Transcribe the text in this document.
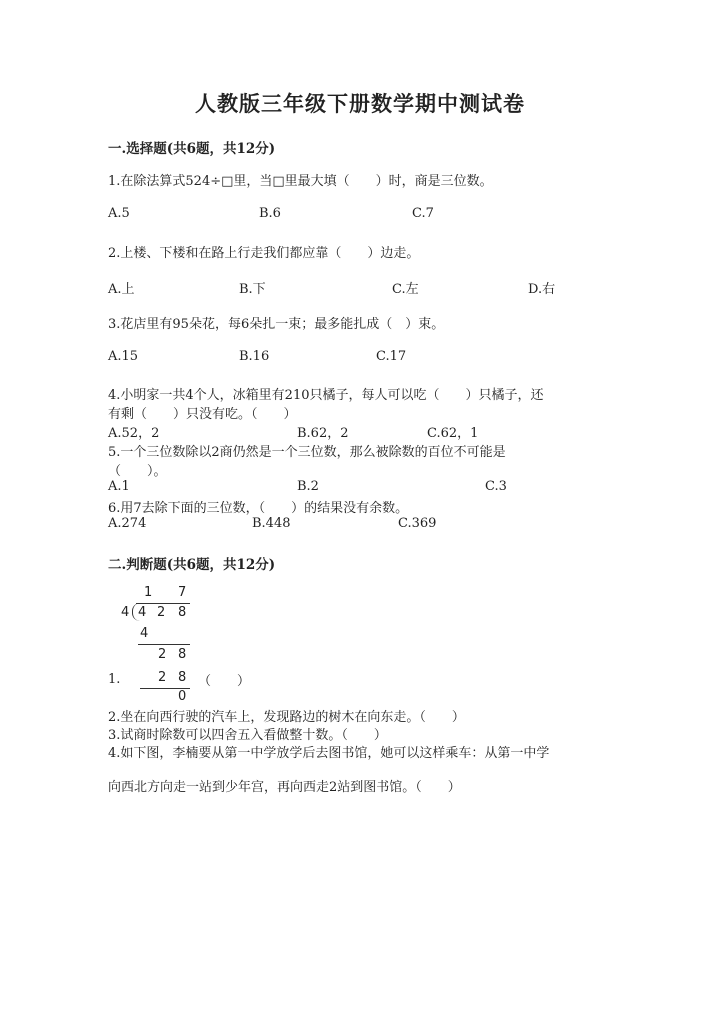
人教版三年级下册数学期中测试卷
一.选择题(共6题，共12分)
1.在除法算式524÷□里，当□里最大填（　　）时，商是三位数。
A.5	B.6	C.7
2.上楼、下楼和在路上行走我们都应靠（　　）边走。
A.上	B.下	C.左	D.右
3.花店里有95朵花，每6朵扎一束；最多能扎成（　）束。
A.15	B.16	C.17
4.小明家一共4个人，冰箱里有210只橘子，每人可以吃（　　）只橘子，还
有剩（　　）只没有吃。（　　）
A.52，2	B.62，2	C.62，1
5.一个三位数除以2商仍然是一个三位数，那么被除数的百位不可能是
（　　）。
A.1	B.2	C.3
6.用7去除下面的三位数，（　　）的结果没有余数。
A.274	B.448	C.369
二.判断题(共6题，共12分)
1 7
4 4 2 8
4
2 8
2 8
0
1.	（　　）
2.坐在向西行驶的汽车上，发现路边的树木在向东走。（　　）
3.试商时除数可以四舍五入看做整十数。（　　）
4.如下图，李楠要从第一中学放学后去图书馆，她可以这样乘车：从第一中学
向西北方向走一站到少年宫，再向西走2站到图书馆。（　　）
